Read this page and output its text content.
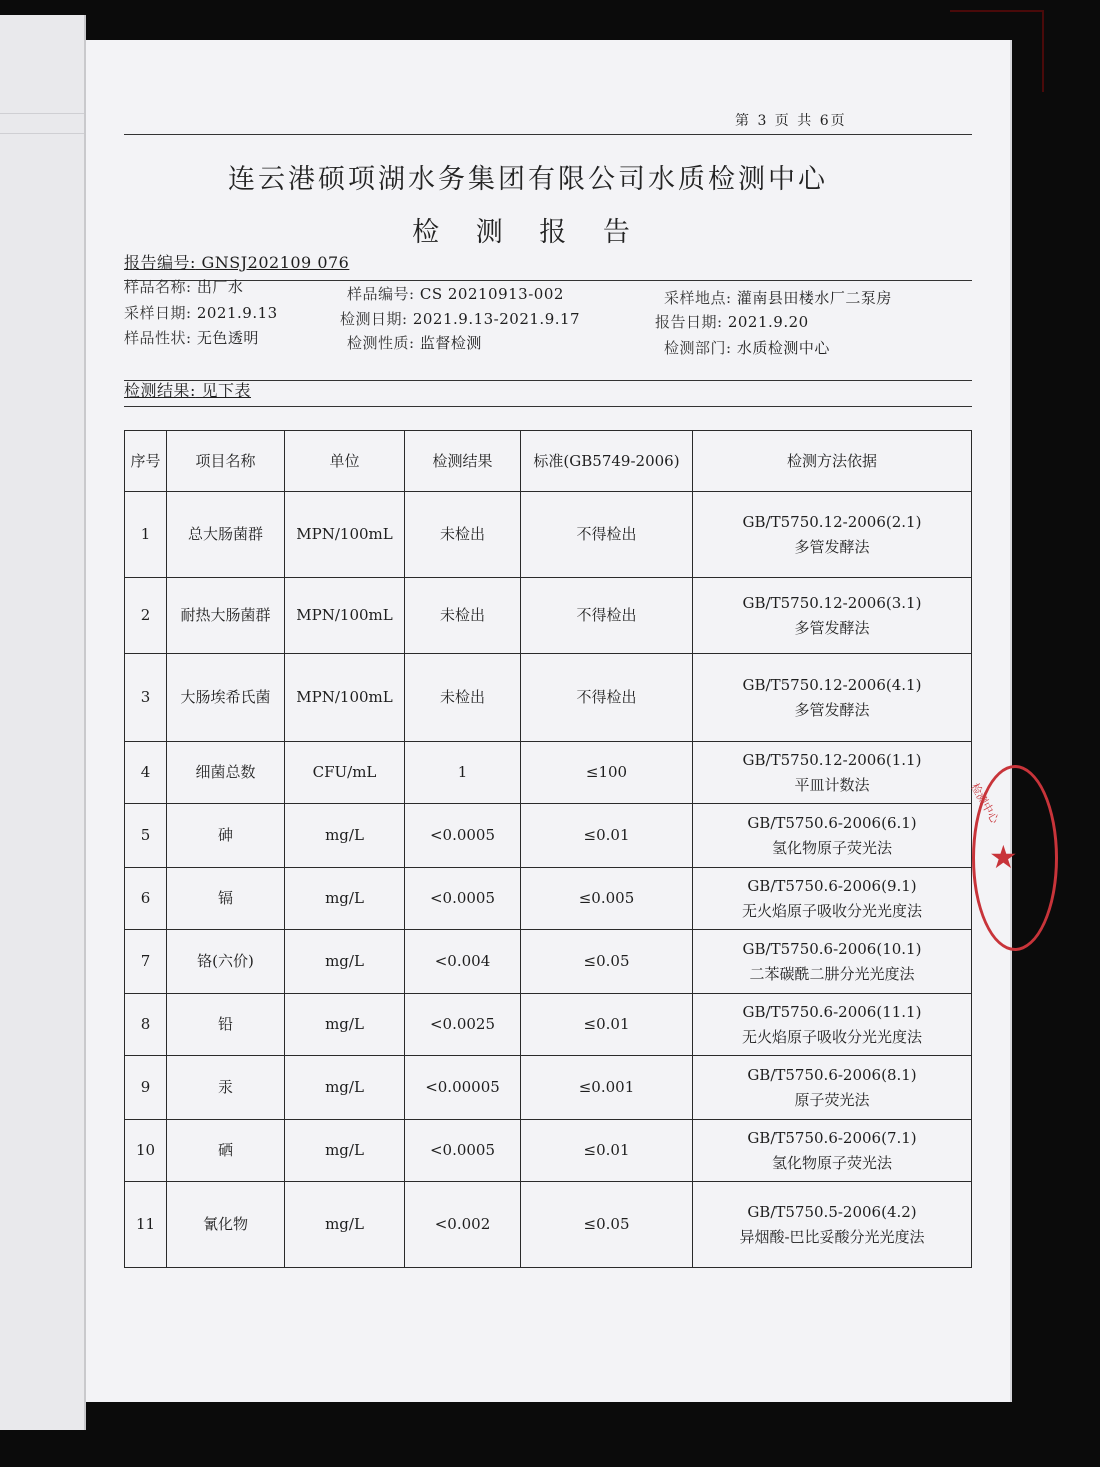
第 3 页 共 6页
连云港硕项湖水务集团有限公司水质检测中心
检 测 报 告
报告编号: GNSJ202109 076
样品名称: 出厂水	样品编号: CS 20210913-002	采样地点: 灌南县田楼水厂二泵房
采样日期: 2021.9.13	检测日期: 2021.9.13-2021.9.17	报告日期: 2021.9.20
样品性状: 无色透明	检测性质: 监督检测	检测部门: 水质检测中心
检测结果: 见下表
序号	项目名称	单位	检测结果	标准(GB5749-2006)	检测方法依据
1	总大肠菌群	MPN/100mL	未检出	不得检出	GB/T5750.12-2006(2.1)
多管发酵法

2	耐热大肠菌群	MPN/100mL	未检出	不得检出	GB/T5750.12-2006(3.1)
多管发酵法

3	大肠埃希氏菌	MPN/100mL	未检出	不得检出	GB/T5750.12-2006(4.1)
多管发酵法

4	细菌总数	CFU/mL	1	≤100	GB/T5750.12-2006(1.1)
平皿计数法

5	砷	mg/L	<0.0005	≤0.01	GB/T5750.6-2006(6.1)
氢化物原子荧光法

6	镉	mg/L	<0.0005	≤0.005	GB/T5750.6-2006(9.1)
无火焰原子吸收分光光度法

7	铬(六价)	mg/L	<0.004	≤0.05	GB/T5750.6-2006(10.1)
二苯碳酰二肼分光光度法

8	铅	mg/L	<0.0025	≤0.01	GB/T5750.6-2006(11.1)
无火焰原子吸收分光光度法

9	汞	mg/L	<0.00005	≤0.001	GB/T5750.6-2006(8.1)
原子荧光法

10	硒	mg/L	<0.0005	≤0.01	GB/T5750.6-2006(7.1)
氢化物原子荧光法

11	氰化物	mg/L	<0.002	≤0.05	GB/T5750.5-2006(4.2)
异烟酸-巴比妥酸分光光度法
检测中心
★
